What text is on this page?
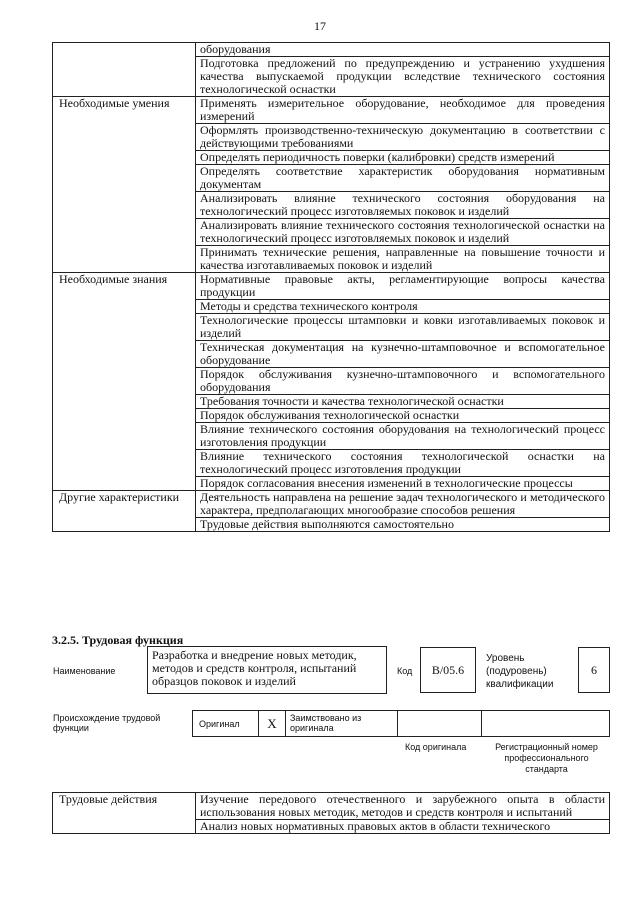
17
	оборудования
	Подготовка предложений по предупреждению и устранению ухудшения качества выпускаемой продукции вследствие технического состояния технологической оснастки
Необходимые умения	Применять измерительное оборудование, необходимое для проведения измерений
	Оформлять производственно-техническую документацию в соответствии с действующими требованиями
	Определять периодичность поверки (калибровки) средств измерений
	Определять соответствие характеристик оборудования нормативным документам
	Анализировать влияние технического состояния оборудования на технологический процесс изготовляемых поковок и изделий
	Анализировать влияние технического состояния технологической оснастки на технологический процесс изготовляемых поковок и изделий
	Принимать технические решения, направленные на повышение точности и качества изготавливаемых поковок и изделий
Необходимые знания	Нормативные правовые акты, регламентирующие вопросы качества продукции
	Методы и средства технического контроля
	Технологические процессы штамповки и ковки изготавливаемых поковок и изделий
	Техническая документация на кузнечно-штамповочное и вспомогательное оборудование
	Порядок обслуживания кузнечно-штамповочного и вспомогательного оборудования
	Требования точности и качества технологической оснастки
	Порядок обслуживания технологической оснастки
	Влияние технического состояния оборудования на технологический процесс изготовления продукции
	Влияние технического состояния технологической оснастки на технологический процесс изготовления продукции
	Порядок согласования внесения изменений в технологические процессы
Другие характеристики	Деятельность направлена на решение задач технологического и методического характера, предполагающих многообразие способов решения
	Трудовые действия выполняются самостоятельно
3.2.5. Трудовая функция
Наименование
Разработка и внедрение новых методик, методов и средств контроля, испытаний образцов поковок и изделий
Код	В/05.6
Уровень (подуровень) квалификации
6
Происхождение трудовой функции	Оригинал	X	Заимствовано из оригинала
Код оригинала	Регистрационный номер профессионального стандарта
Трудовые действия	Изучение передового отечественного и зарубежного опыта в области использования новых методик, методов и средств контроля и испытаний
Анализ новых нормативных правовых актов в области технического
